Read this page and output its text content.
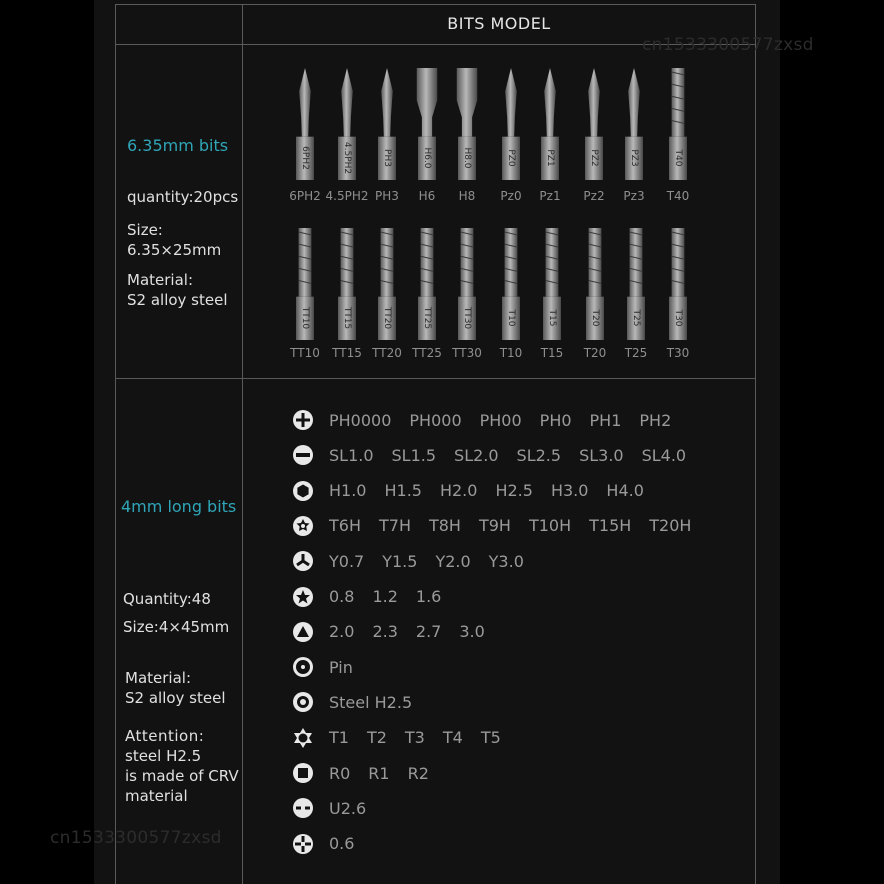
BITS MODEL
6.35mm bits
quantity:20pcs
Size:
6.35×25mm
Material:
S2 alloy steel
6PH2
6PH2
4.5PH2
4.5PH2
PH3
PH3
H6.0
H6
H8.0
H8
PZ0
Pz0
PZ1
Pz1
PZ2
Pz2
PZ3
Pz3
T40
T40
TT10
TT10
TT15
TT15
TT20
TT20
TT25
TT25
TT30
TT30
T10
T10
T15
T15
T20
T20
T25
T25
T30
T30
4mm long bits
Quantity:48
Size:4×45mm
Material:
S2 alloy steel
Attention:
steel H2.5
is made of CRV
material
PH0000 PH000 PH00 PH0 PH1 PH2
SL1.0 SL1.5 SL2.0 SL2.5 SL3.0 SL4.0
H1.0 H1.5 H2.0 H2.5 H3.0 H4.0
T6H T7H T8H T9H T10H T15H T20H
Y0.7 Y1.5 Y2.0 Y3.0
0.8 1.2 1.6
2.0 2.3 2.7 3.0
Pin
Steel H2.5
T1 T2 T3 T4 T5
R0 R1 R2
U2.6
0.6
cn1533300577zxsd
cn1533300577zxsd
